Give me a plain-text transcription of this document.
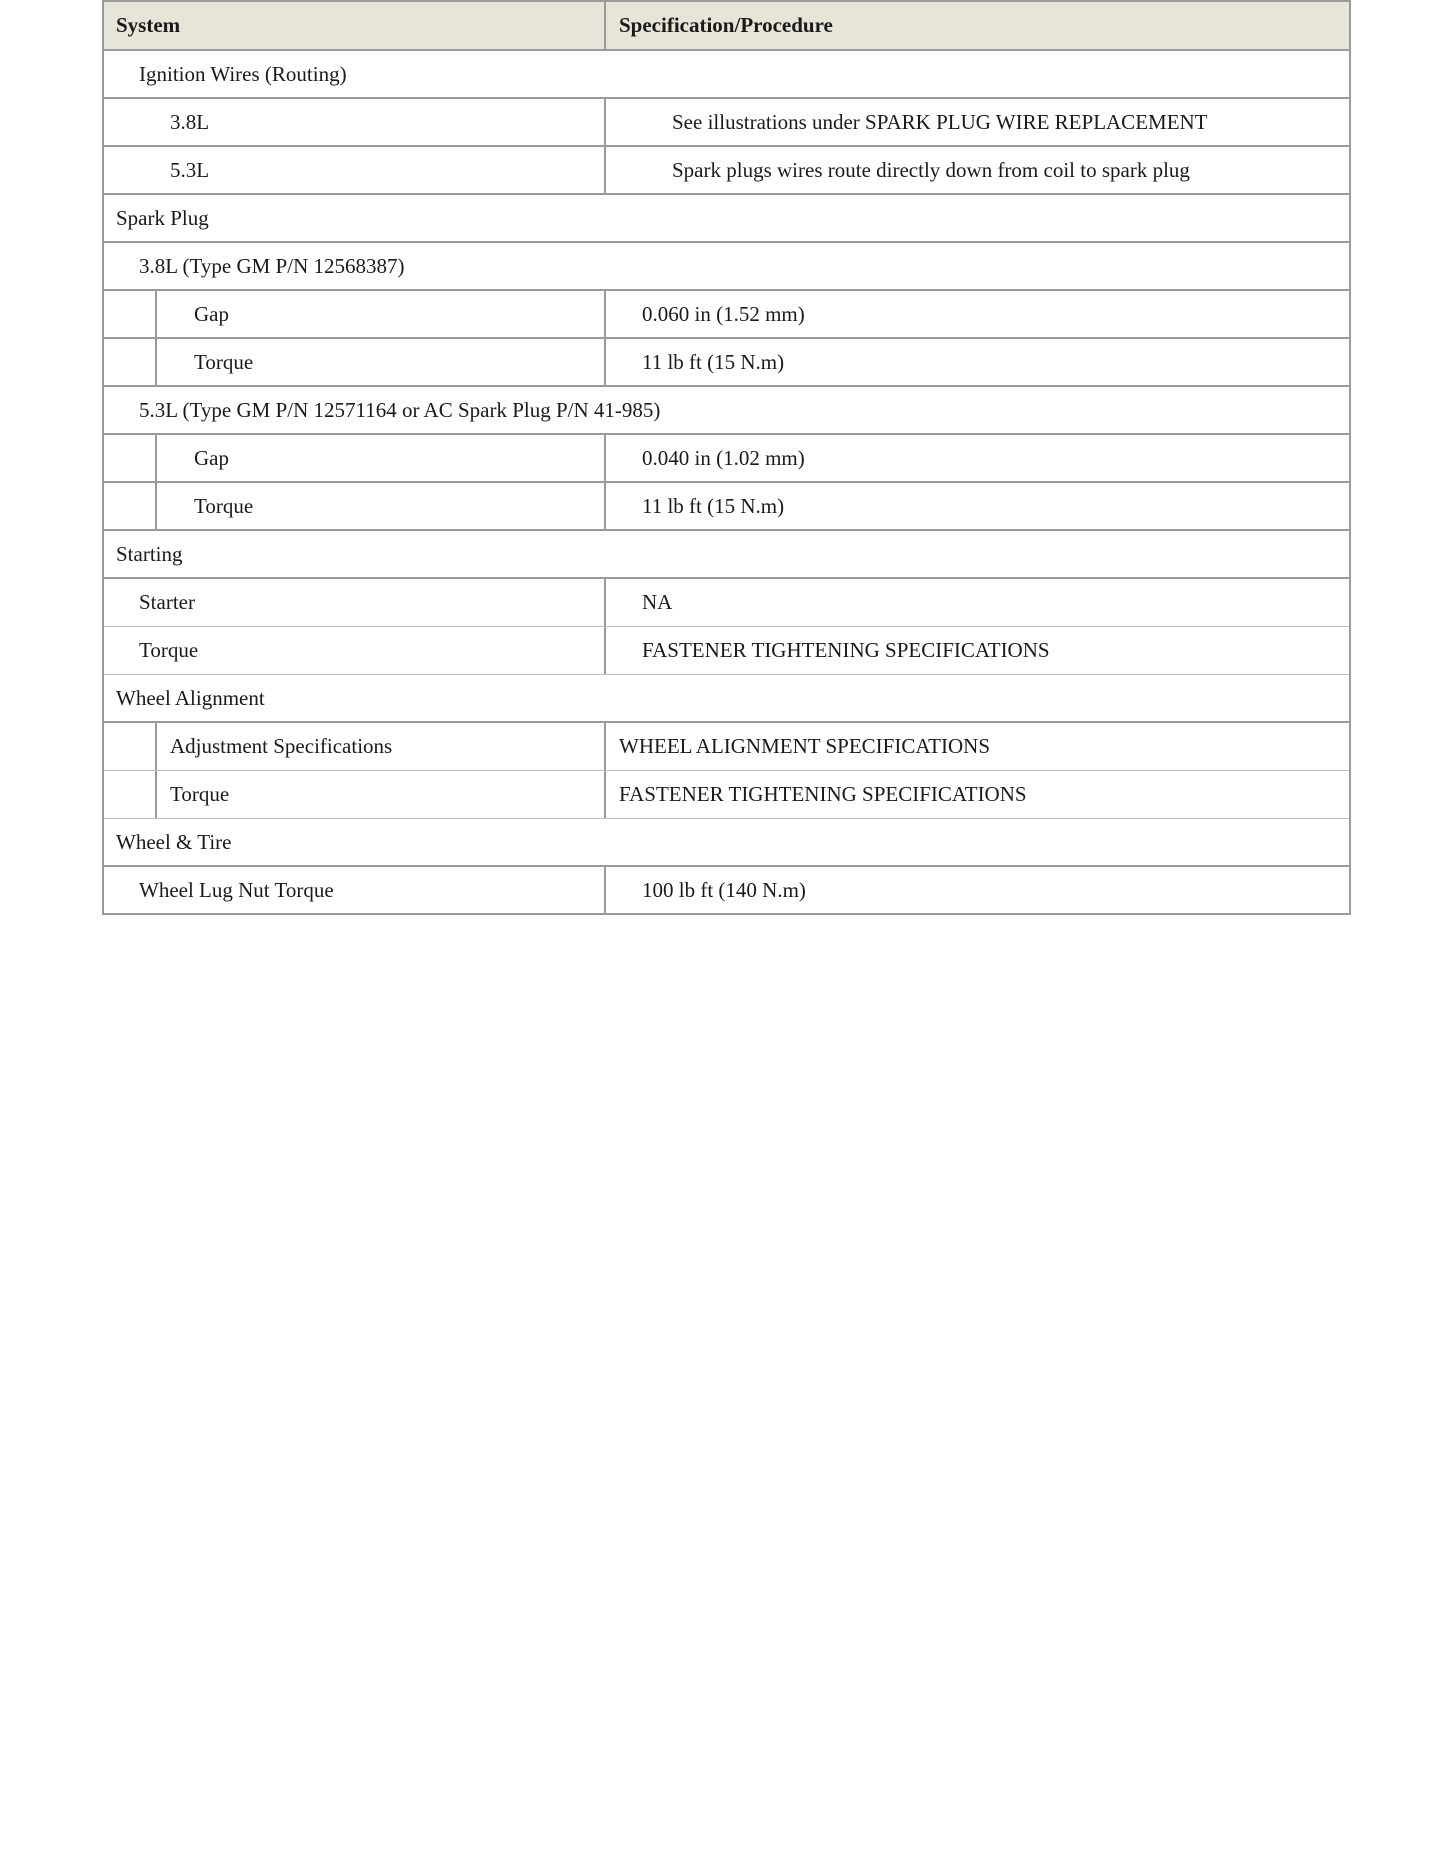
System	Specification/Procedure
Ignition Wires (Routing)
3.8L	See illustrations under SPARK PLUG WIRE REPLACEMENT
5.3L	Spark plugs wires route directly down from coil to spark plug
Spark Plug
3.8L (Type GM P/N 12568387)
Gap	0.060 in (1.52 mm)
Torque	11 lb ft (15 N.m)
5.3L (Type GM P/N 12571164 or AC Spark Plug P/N 41-985)
Gap	0.040 in (1.02 mm)
Torque	11 lb ft (15 N.m)
Starting
Starter	NA
Torque	FASTENER TIGHTENING SPECIFICATIONS
Wheel Alignment
Adjustment Specifications	WHEEL ALIGNMENT SPECIFICATIONS
Torque	FASTENER TIGHTENING SPECIFICATIONS
Wheel & Tire
Wheel Lug Nut Torque	100 lb ft (140 N.m)
